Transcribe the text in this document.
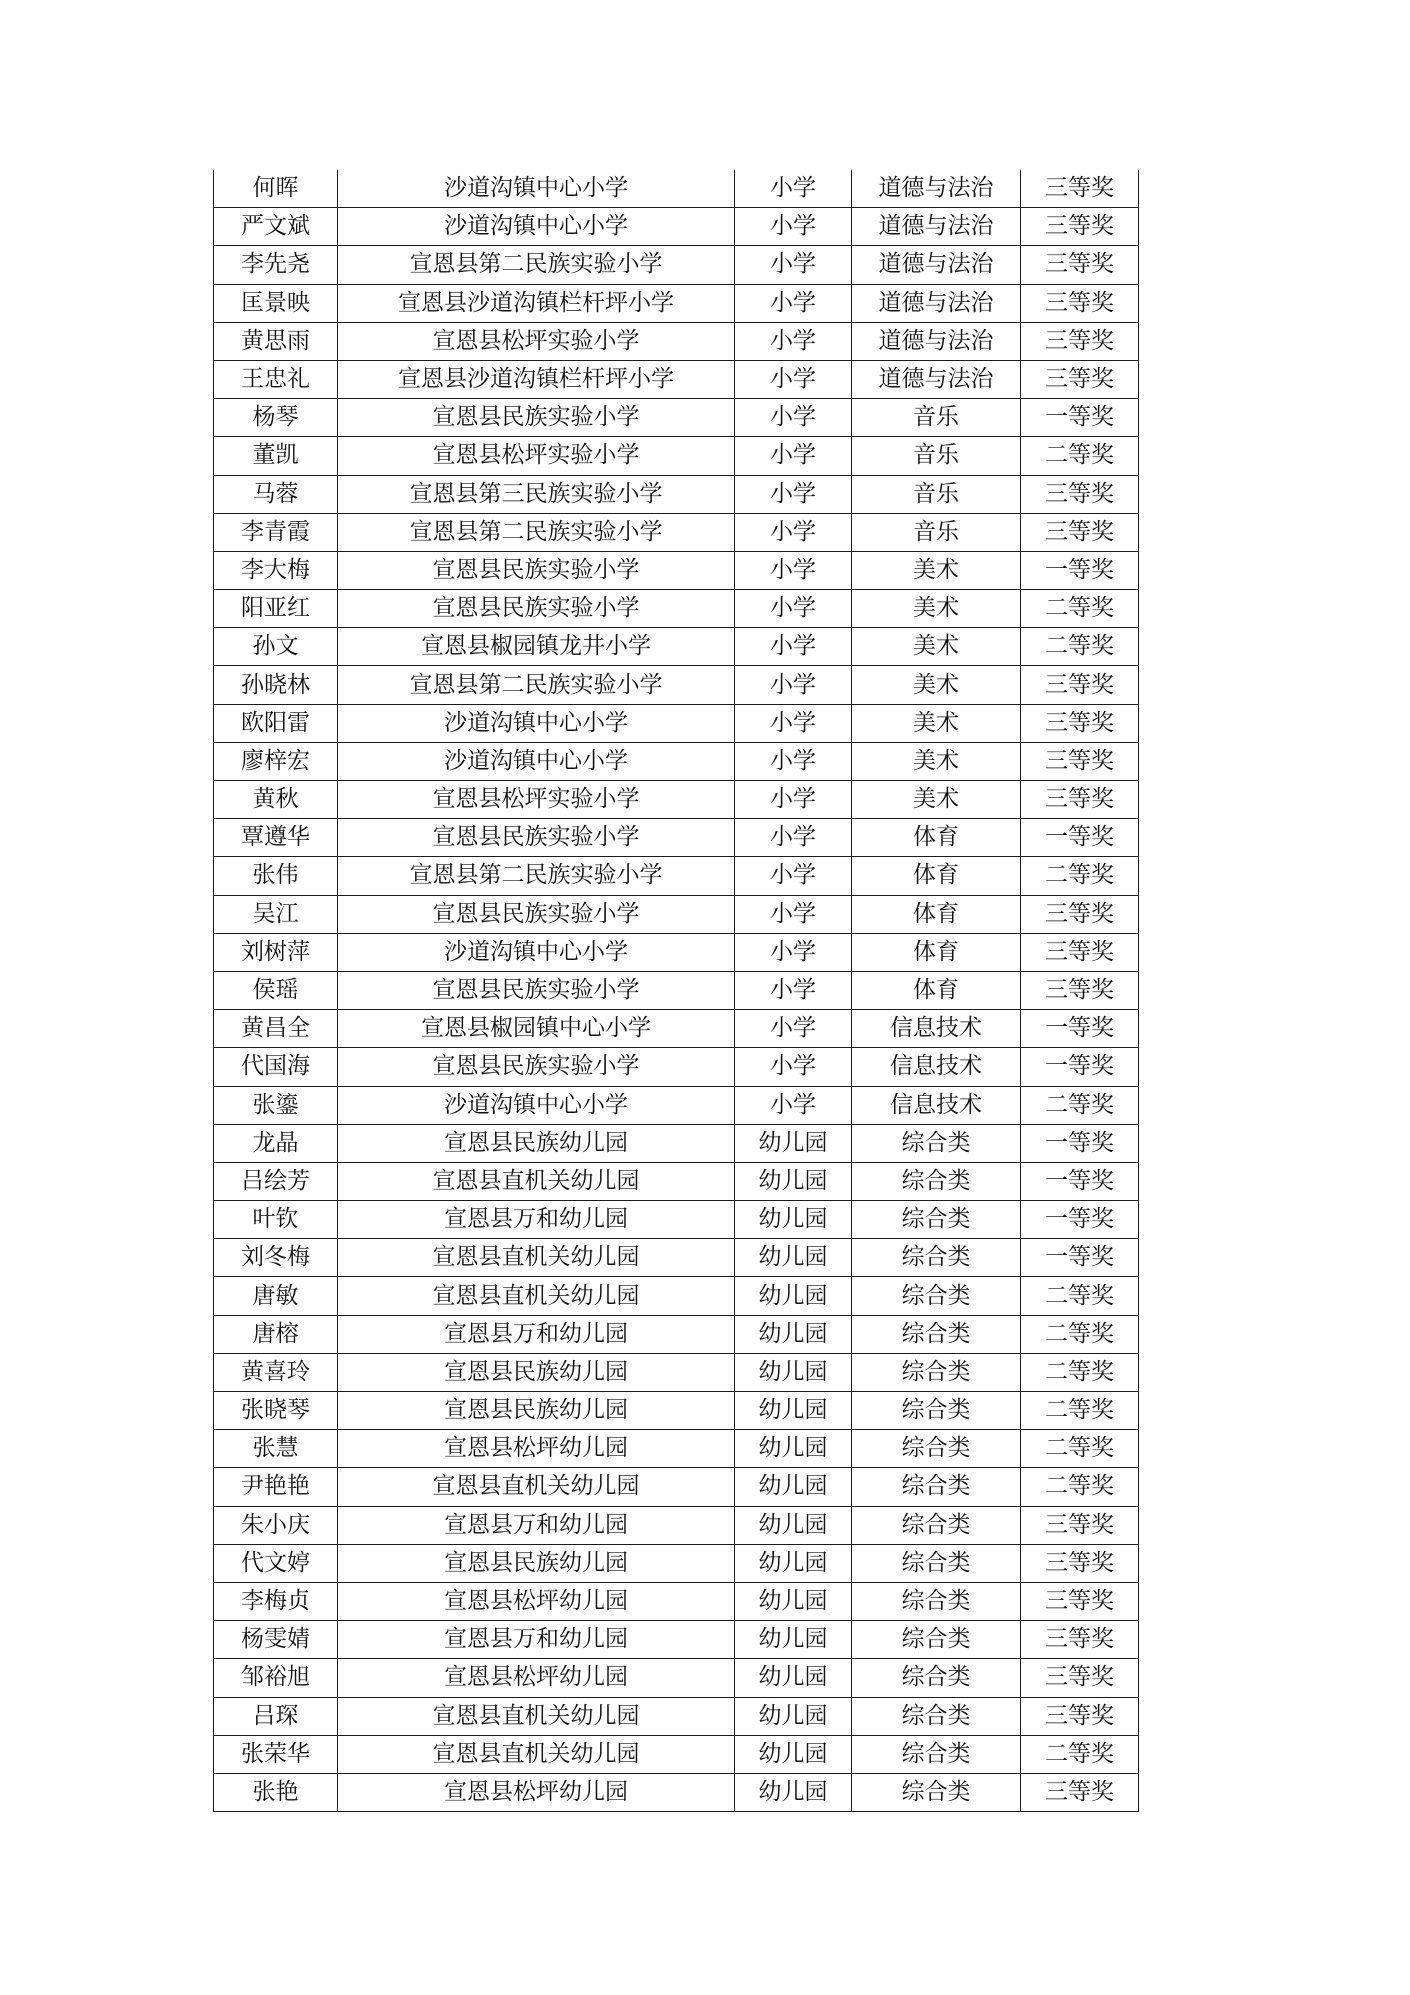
何晖	沙道沟镇中心小学	小学	道德与法治	三等奖
严文斌	沙道沟镇中心小学	小学	道德与法治	三等奖
李先尧	宣恩县第二民族实验小学	小学	道德与法治	三等奖
匡景映	宣恩县沙道沟镇栏杆坪小学	小学	道德与法治	三等奖
黄思雨	宣恩县松坪实验小学	小学	道德与法治	三等奖
王忠礼	宣恩县沙道沟镇栏杆坪小学	小学	道德与法治	三等奖
杨琴	宣恩县民族实验小学	小学	音乐	一等奖
董凯	宣恩县松坪实验小学	小学	音乐	二等奖
马蓉	宣恩县第三民族实验小学	小学	音乐	三等奖
李青霞	宣恩县第二民族实验小学	小学	音乐	三等奖
李大梅	宣恩县民族实验小学	小学	美术	一等奖
阳亚红	宣恩县民族实验小学	小学	美术	二等奖
孙文	宣恩县椒园镇龙井小学	小学	美术	二等奖
孙晓林	宣恩县第二民族实验小学	小学	美术	三等奖
欧阳雷	沙道沟镇中心小学	小学	美术	三等奖
廖梓宏	沙道沟镇中心小学	小学	美术	三等奖
黄秋	宣恩县松坪实验小学	小学	美术	三等奖
覃遵华	宣恩县民族实验小学	小学	体育	一等奖
张伟	宣恩县第二民族实验小学	小学	体育	二等奖
吴江	宣恩县民族实验小学	小学	体育	三等奖
刘树萍	沙道沟镇中心小学	小学	体育	三等奖
侯瑶	宣恩县民族实验小学	小学	体育	三等奖
黄昌全	宣恩县椒园镇中心小学	小学	信息技术	一等奖
代国海	宣恩县民族实验小学	小学	信息技术	一等奖
张鎏	沙道沟镇中心小学	小学	信息技术	二等奖
龙晶	宣恩县民族幼儿园	幼儿园	综合类	一等奖
吕绘芳	宣恩县直机关幼儿园	幼儿园	综合类	一等奖
叶钦	宣恩县万和幼儿园	幼儿园	综合类	一等奖
刘冬梅	宣恩县直机关幼儿园	幼儿园	综合类	一等奖
唐敏	宣恩县直机关幼儿园	幼儿园	综合类	二等奖
唐榕	宣恩县万和幼儿园	幼儿园	综合类	二等奖
黄喜玲	宣恩县民族幼儿园	幼儿园	综合类	二等奖
张晓琴	宣恩县民族幼儿园	幼儿园	综合类	二等奖
张慧	宣恩县松坪幼儿园	幼儿园	综合类	二等奖
尹艳艳	宣恩县直机关幼儿园	幼儿园	综合类	二等奖
朱小庆	宣恩县万和幼儿园	幼儿园	综合类	三等奖
代文婷	宣恩县民族幼儿园	幼儿园	综合类	三等奖
李梅贞	宣恩县松坪幼儿园	幼儿园	综合类	三等奖
杨雯婧	宣恩县万和幼儿园	幼儿园	综合类	三等奖
邹裕旭	宣恩县松坪幼儿园	幼儿园	综合类	三等奖
吕琛	宣恩县直机关幼儿园	幼儿园	综合类	三等奖
张荣华	宣恩县直机关幼儿园	幼儿园	综合类	二等奖
张艳	宣恩县松坪幼儿园	幼儿园	综合类	三等奖
